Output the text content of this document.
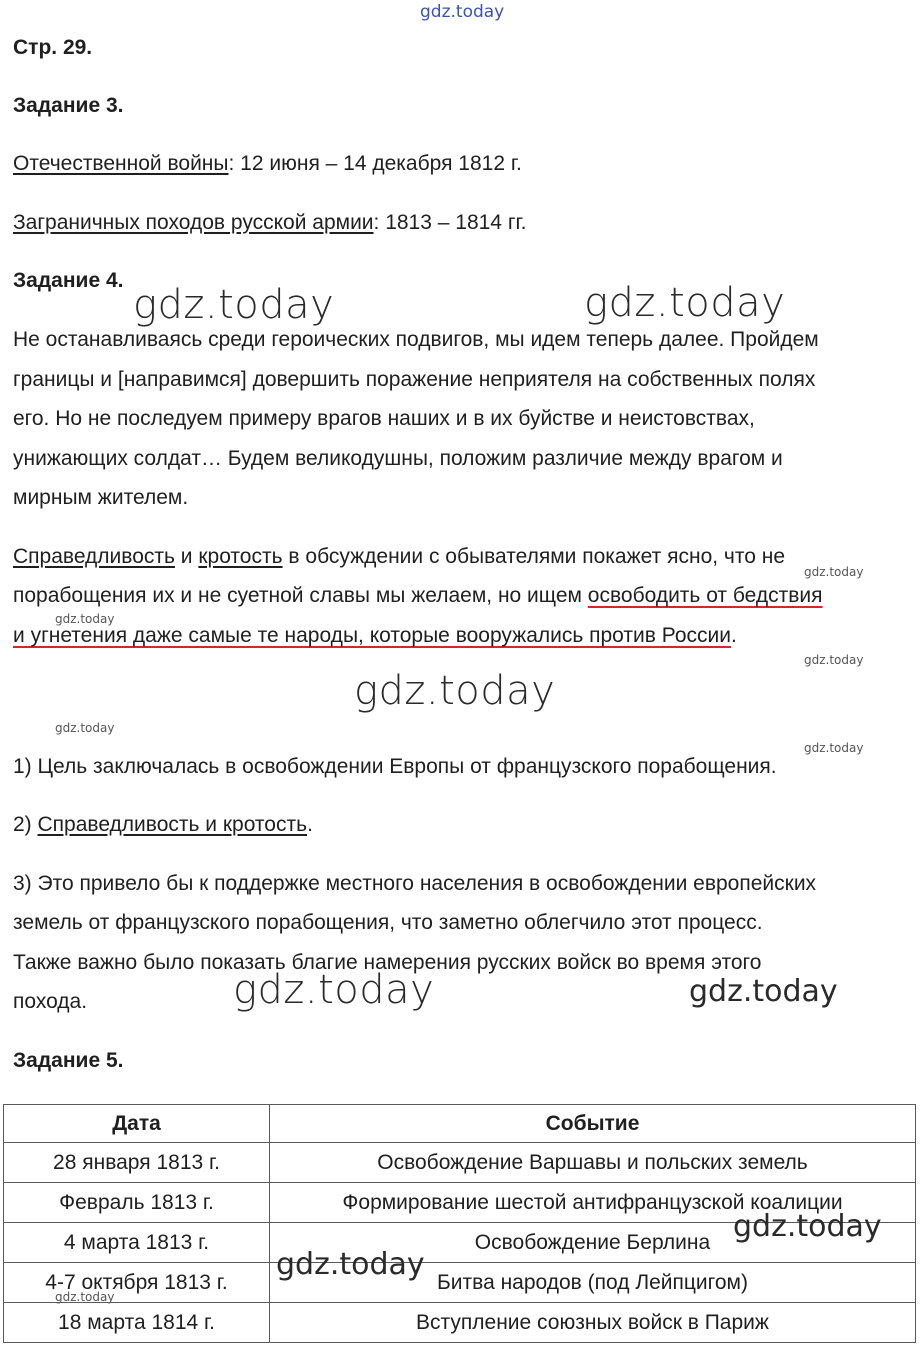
gdz.today
Стр. 29.
Задание 3.
Отечественной войны: 12 июня – 14 декабря 1812 г.
Заграничных походов русской армии: 1813 – 1814 гг.
Задание 4.
Не останавливаясь среди героических подвигов, мы идем теперь далее. Пройдем
границы и [направимся] довершить поражение неприятеля на собственных полях
его. Но не последуем примеру врагов наших и в их буйстве и неистовствах,
унижающих солдат… Будем великодушны, положим различие между врагом и
мирным жителем.
Справедливость и кротость в обсуждении с обывателями покажет ясно, что не
порабощения их и не суетной славы мы желаем, но ищем освободить от бедствия
и угнетения даже самые те народы, которые вооружались против России.
1) Цель заключалась в освобождении Европы от французского порабощения.
2) Справедливость и кротость.
3) Это привело бы к поддержке местного населения в освобождении европейских
земель от французского порабощения, что заметно облегчило этот процесс.
Также важно было показать благие намерения русских войск во время этого
похода.
Задание 5.
Дата	Событие
28 января 1813 г.	Освобождение Варшавы и польских земель
Февраль 1813 г.	Формирование шестой антифранцузской коалиции
4 марта 1813 г.	Освобождение Берлина
4-7 октября 1813 г.	Битва народов (под Лейпцигом)
18 марта 1814 г.	Вступление союзных войск в Париж
gdz.today	gdz.today
gdz.today
gdz.today
gdz.today
gdz.today
gdz.today
gdz.today
gdz.today	gdz.today
gdz.today
gdz.today
gdz.today
